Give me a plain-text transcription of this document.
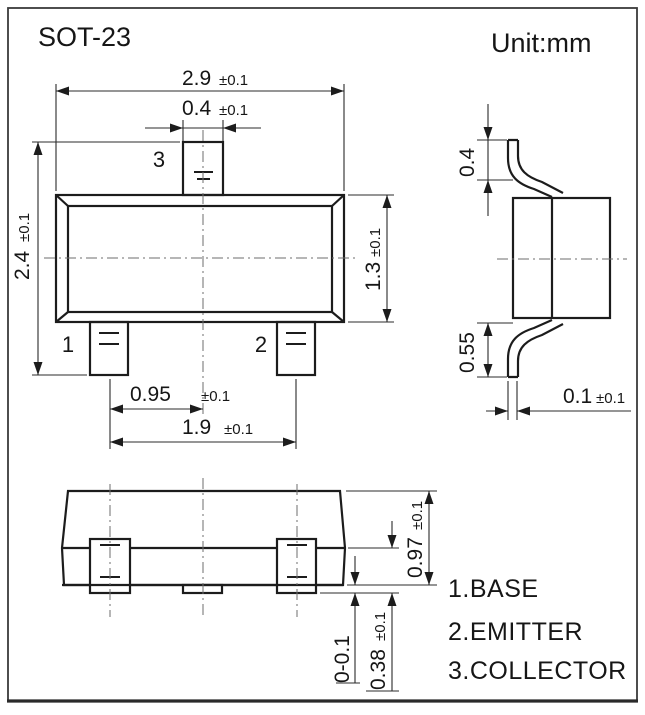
SOT-23	Unit:mm
3
1	2
2.9 ±0.1
0.4 ±0.1
2.4
±0.1
1.3
±0.1
0.95 ±0.1
1.9 ±0.1
0.4
0.55
0.1 ±0.1
0.97
±0.1
0.38
±0.1
0-0.1
1.BASE
2.EMITTER
3.COLLECTOR
